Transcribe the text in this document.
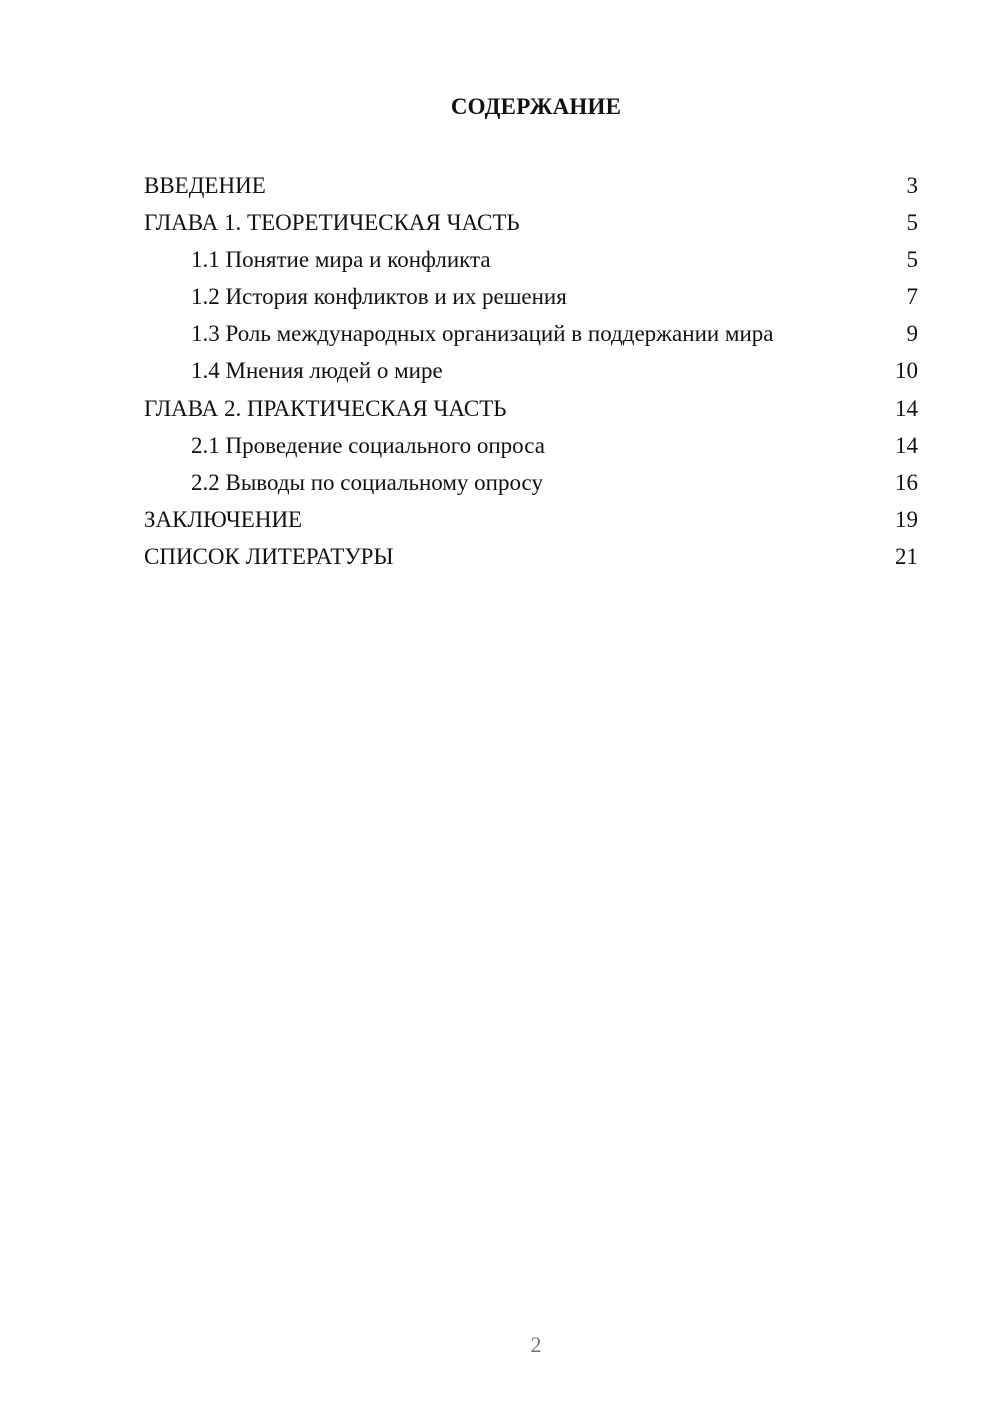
СОДЕРЖАНИЕ
ВВЕДЕНИЕ	3
ГЛАВА 1. ТЕОРЕТИЧЕСКАЯ ЧАСТЬ	5
1.1 Понятие мира и конфликта	5
1.2 История конфликтов и их решения	7
1.3 Роль международных организаций в поддержании мира	9
1.4 Мнения людей о мире	10
ГЛАВА 2. ПРАКТИЧЕСКАЯ ЧАСТЬ	14
2.1 Проведение социального опроса	14
2.2 Выводы по социальному опросу	16
ЗАКЛЮЧЕНИЕ	19
СПИСОК ЛИТЕРАТУРЫ	21
2
